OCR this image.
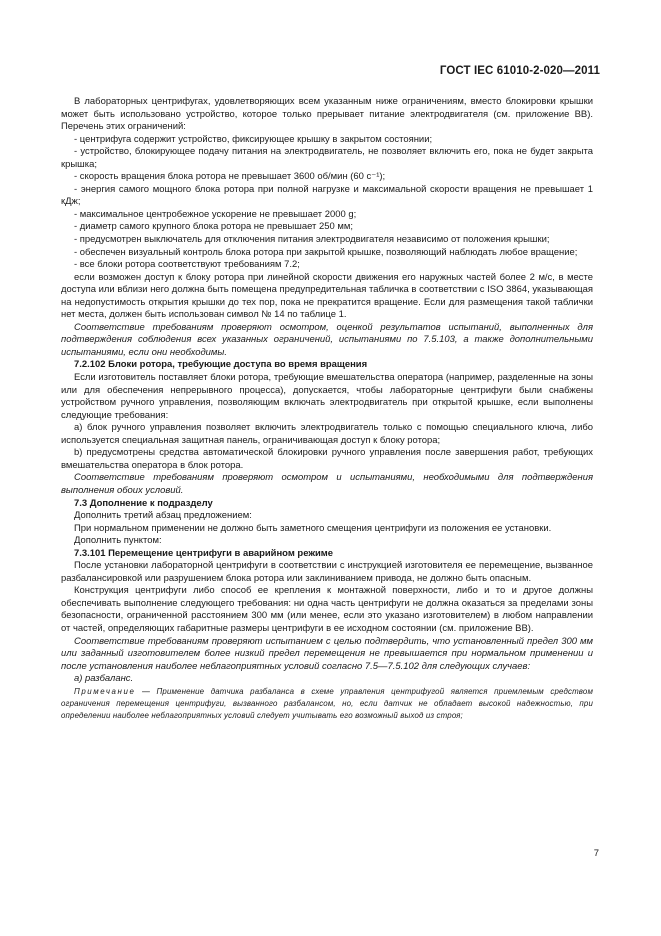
ГОСТ IEC 61010-2-020—2011

В лабораторных центрифугах, удовлетворяющих всем указанным ниже ограничениям, вместо блокировки крышки может быть использовано устройство, которое только прерывает питание электродвигателя (см. приложение ВВ). Перечень этих ограничений:

- центрифуга содержит устройство, фиксирующее крышку в закрытом состоянии;

- устройство, блокирующее подачу питания на электродвигатель, не позволяет включить его, пока не будет закрыта крышка;

- скорость вращения блока ротора не превышает 3600 об/мин (60 с⁻¹);

- энергия самого мощного блока ротора при полной нагрузке и максимальной скорости вращения не превышает 1 кДж;

- максимальное центробежное ускорение не превышает 2000 g;

- диаметр самого крупного блока ротора не превышает 250 мм;

- предусмотрен выключатель для отключения питания электродвигателя независимо от положения крышки;

- обеспечен визуальный контроль блока ротора при закрытой крышке, позволяющий наблюдать любое вращение;

- все блоки ротора соответствуют требованиям 7.2;

если возможен доступ к блоку ротора при линейной скорости движения его наружных частей более 2 м/с, в месте доступа или вблизи него должна быть помещена предупредительная табличка в соответствии с ISO 3864, указывающая на недопустимость открытия крышки до тех пор, пока не прекратится вращение. Если для размещения такой таблички нет места, должен быть использован символ № 14 по таблице 1.

Соответствие требованиям проверяют осмотром, оценкой результатов испытаний, выполненных для подтверждения соблюдения всех указанных ограничений, испытаниями по 7.5.103, а также дополнительными испытаниями, если они необходимы.

7.2.102 Блоки ротора, требующие доступа во время вращения

Если изготовитель поставляет блоки ротора, требующие вмешательства оператора (например, разделенные на зоны или для обеспечения непрерывного процесса), допускается, чтобы лабораторные центрифуги были снабжены устройством ручного управления, позволяющим включать электродвигатель при открытой крышке, если выполнены следующие требования:

a) блок ручного управления позволяет включить электродвигатель только с помощью специального ключа, либо используется специальная защитная панель, ограничивающая доступ к блоку ротора;

b) предусмотрены средства автоматической блокировки ручного управления после завершения работ, требующих вмешательства оператора в блок ротора.

Соответствие требованиям проверяют осмотром и испытаниями, необходимыми для подтверждения выполнения обоих условий.

7.3 Дополнение к подразделу

Дополнить третий абзац предложением:

При нормальном применении не должно быть заметного смещения центрифуги из положения ее установки.

Дополнить пунктом:

7.3.101 Перемещение центрифуги в аварийном режиме

После установки лабораторной центрифуги в соответствии с инструкцией изготовителя ее перемещение, вызванное разбалансировкой или разрушением блока ротора или заклиниванием привода, не должно быть опасным.

Конструкция центрифуги либо способ ее крепления к монтажной поверхности, либо и то и другое должны обеспечивать выполнение следующего требования: ни одна часть центрифуги не должна оказаться за пределами зоны безопасности, ограниченной расстоянием 300 мм (или менее, если это указано изготовителем) в любом направлении от частей, определяющих габаритные размеры центрифуги в ее исходном состоянии (см. приложение ВВ).

Соответствие требованиям проверяют испытанием с целью подтвердить, что установленный предел 300 мм или заданный изготовителем более низкий предел перемещения не превышается при нормальном применении и после установления наиболее неблагоприятных условий согласно 7.5—7.5.102 для следующих случаев:

a) разбаланс.

Примечание — Применение датчика разбаланса в схеме управления центрифугой является приемлемым средством ограничения перемещения центрифуги, вызванного разбалансом, но, если датчик не обладает высокой надежностью, при определении наиболее неблагоприятных условий следует учитывать его возможный выход из строя;

7
